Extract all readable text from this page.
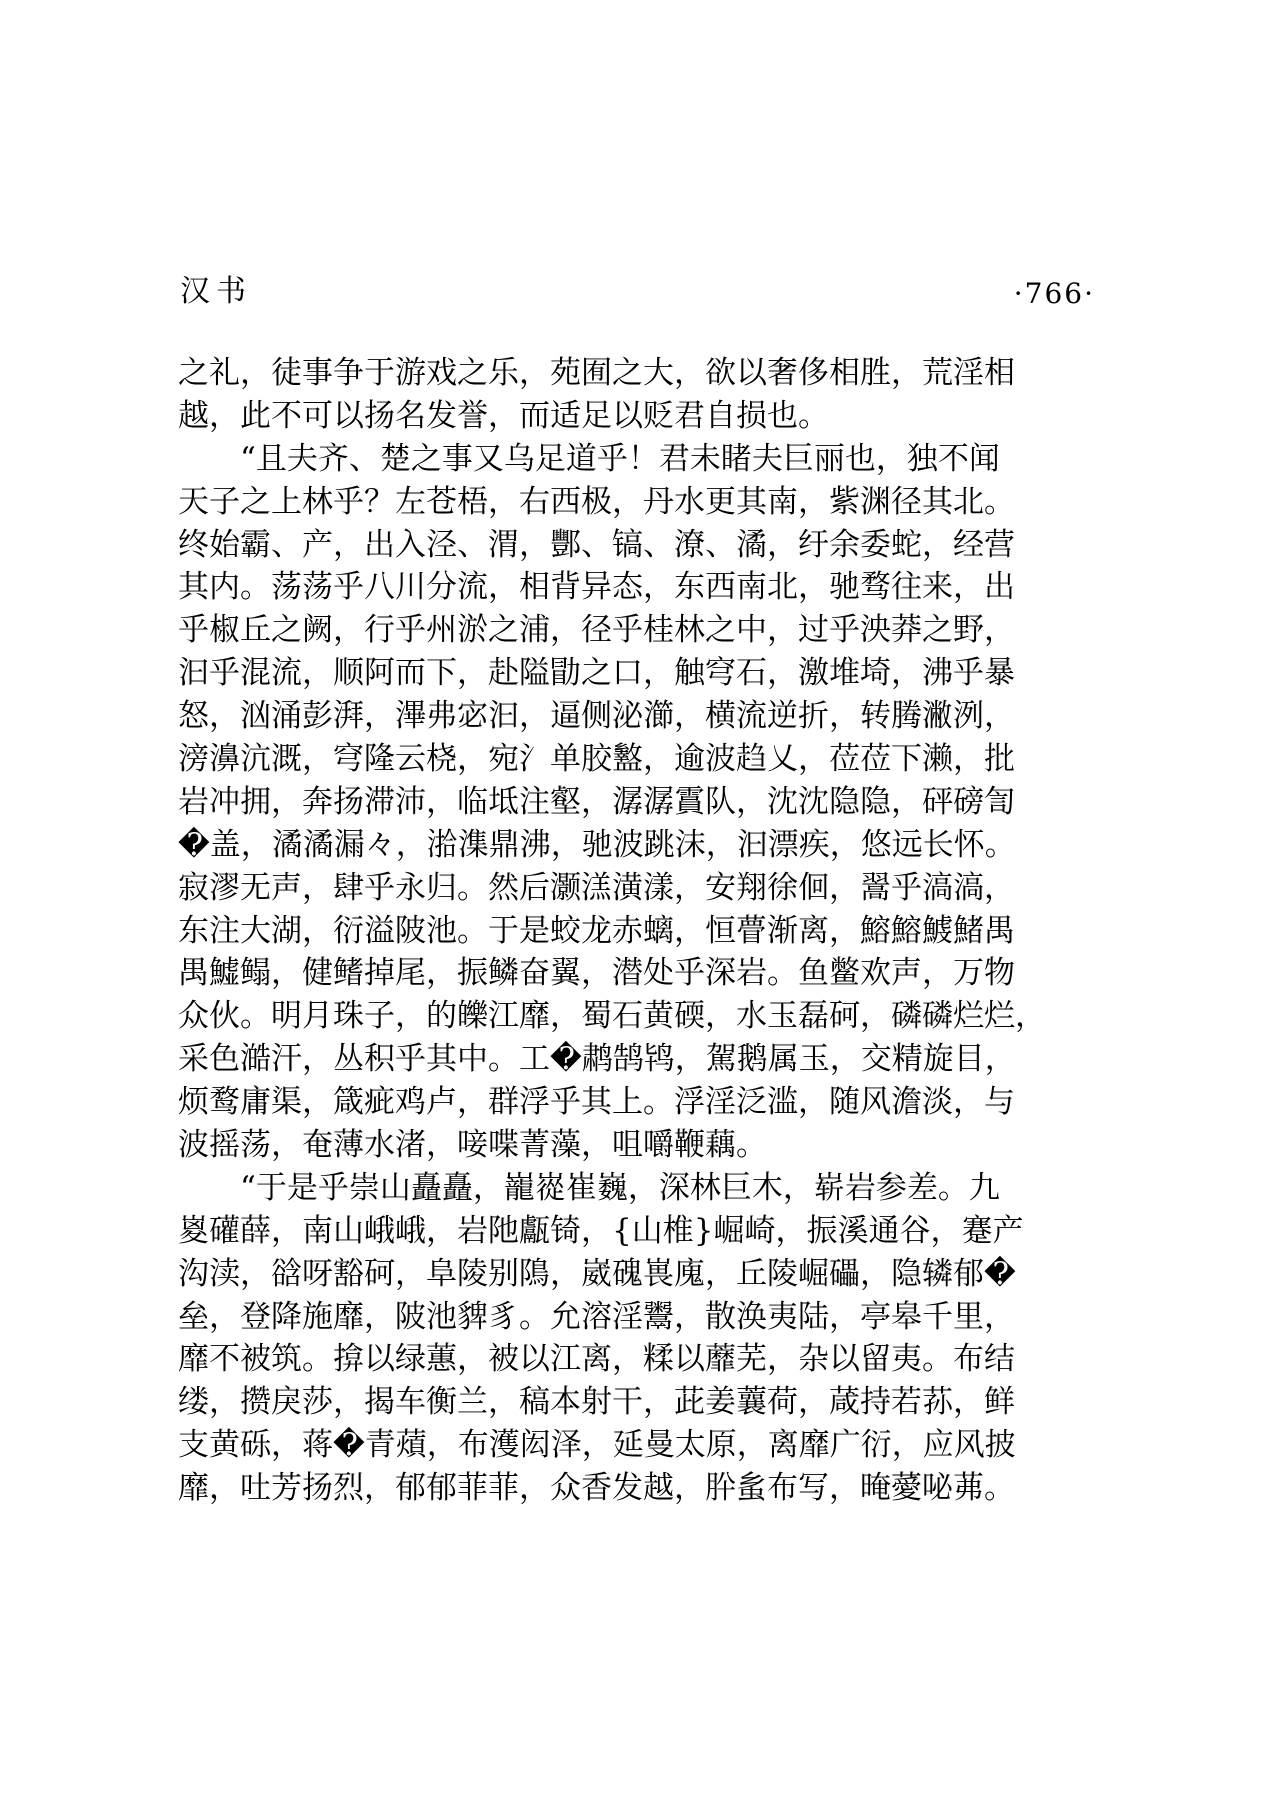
汉书	·766·
之礼，徒事争于游戏之乐，苑囿之大，欲以奢侈相胜，荒淫相
越，此不可以扬名发誉，而适足以贬君自损也。
“且夫齐、楚之事又乌足道乎！君未睹夫巨丽也，独不闻
天子之上林乎？左苍梧，右西极，丹水更其南，紫渊径其北。
终始霸、产，出入泾、渭，酆、镐、潦、潏，纡余委蛇，经营
其内。荡荡乎八川分流，相背异态，东西南北，驰骛往来，出
乎椒丘之阙，行乎州淤之浦，径乎桂林之中，过乎泱莽之野，
汩乎混流，顺阿而下，赴隘勖之口，触穹石，激堆埼，沸乎暴
怒，汹涌彭湃，滭弗宓汩，逼侧泌瀄，横流逆折，转腾潎洌，
滂濞沆溉，穹隆云桡，宛氵单胶盭，逾波趋乂，莅莅下濑，批
岩冲拥，奔扬滞沛，临坻注壑，潺潺霣队，沈沈隐隐，砰磅訇
�盖，潏潏漏々，湁潗鼎沸，驰波跳沫，汩漂疾，悠远长怀。
寂漻无声，肆乎永归。然后灏溔潢漾，安翔徐佪，翯乎滈滈，
东注大湖，衍溢陂池。于是蛟龙赤螭，恒瞢渐离，鰫鰫鰬鯺禺
禺鱋鳎，健鳍掉尾，振鳞奋翼，潜处乎深岩。鱼鳖欢声，万物
众伙。明月珠子，的皪江靡，蜀石黄碝，水玉磊砢，磷磷烂烂，
采色澔汗，丛积乎其中。工�鹔鹄鸨，駕鹅属玉，交精旋目，
烦鹜庸渠，箴疵鸡卢，群浮乎其上。浮淫泛滥，随风澹淡，与
波摇荡，奄薄水渚，唼喋菁藻，咀嚼鞭藕。
“于是乎崇山矗矗，巃嵸崔巍，深林巨木，崭岩参差。九
嵏礶薛，南山峨峨，岩阤甗锜，{山椎}崛崎，振溪通谷，蹇产
沟渎，谽呀豁砢，阜陵别隝，崴磈嵔廆，丘陵崛礧，隐辚郁�
垒，登降施靡，陂池貏豸。允溶淫鬻，散涣夷陆，亭皋千里，
靡不被筑。揜以绿蕙，被以江离，糅以蘼芜，杂以留夷。布结
缕，攒戾莎，揭车衡兰，稿本射干，茈姜蘘荷，葴持若荪，鲜
支黄砾，蒋�青薠，布濩闳泽，延曼太原，离靡广衍，应风披
靡，吐芳扬烈，郁郁菲菲，众香发越，肸蚃布写，晻薆咇茀。
